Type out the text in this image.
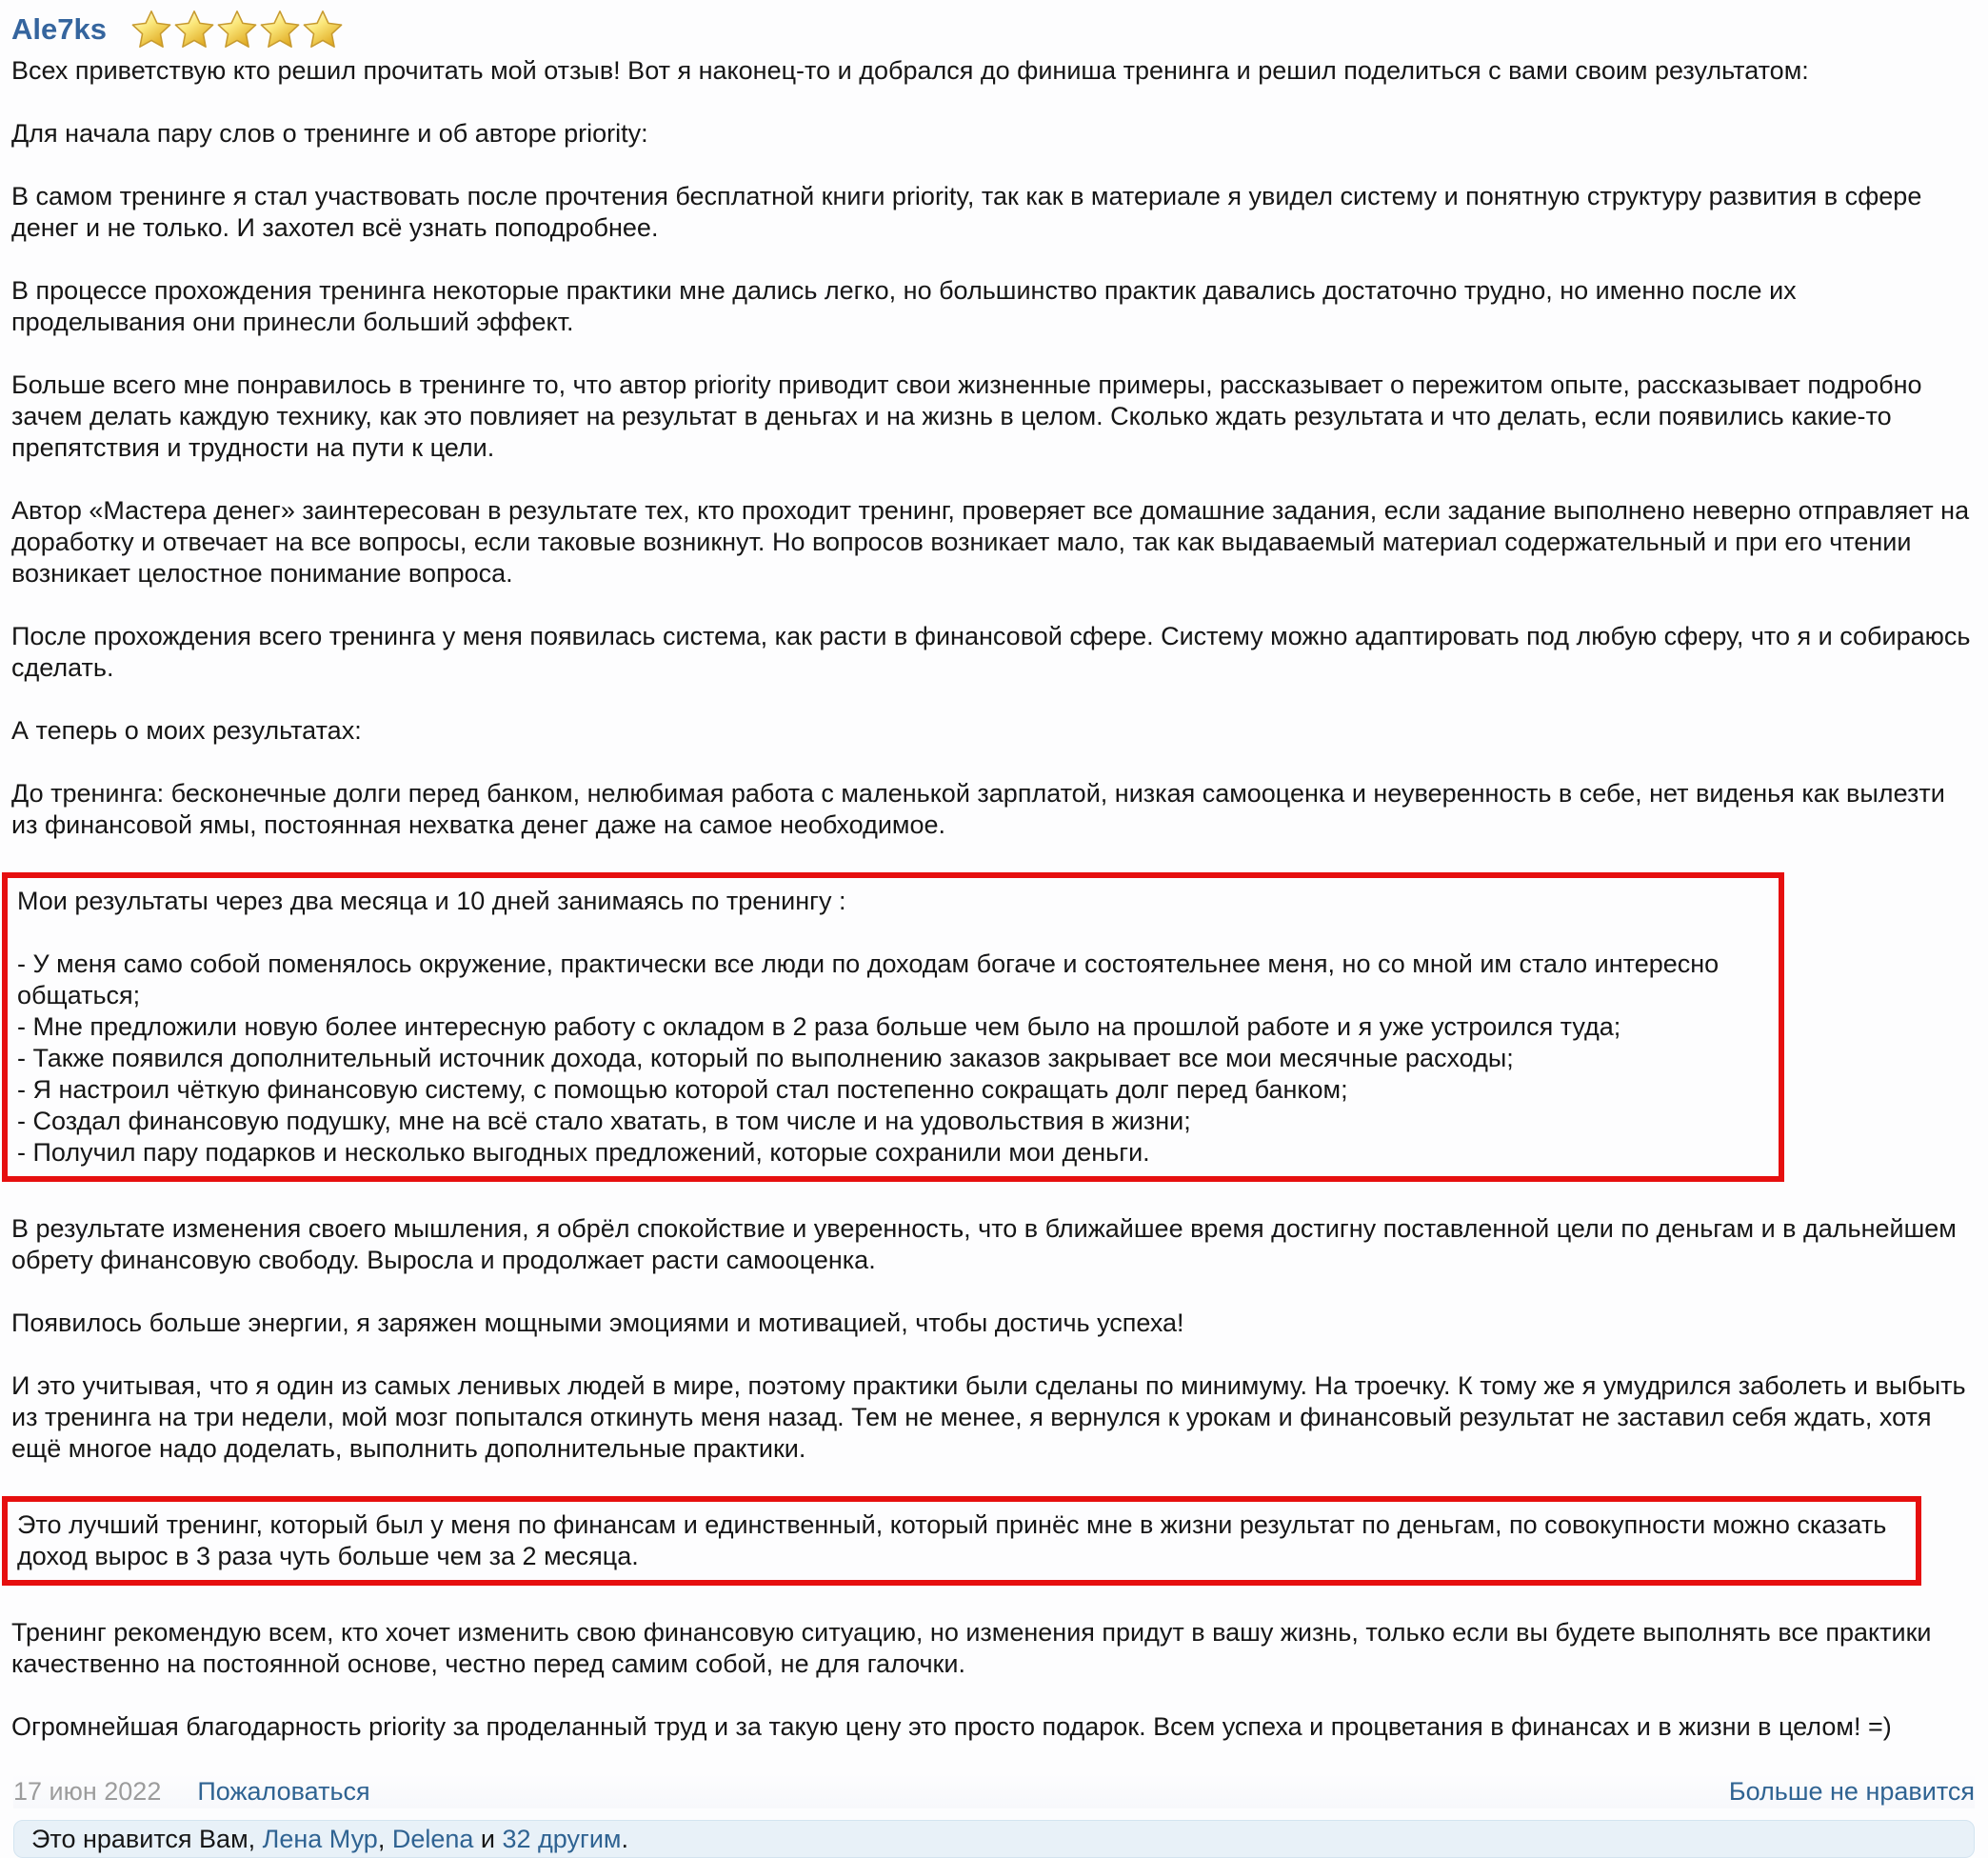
Ale7ks
Всех приветствую кто решил прочитать мой отзыв! Вот я наконец-то и добрался до финиша тренинга и решил поделиться с вами своим результатом:
Для начала пару слов о тренинге и об авторе priority:
В самом тренинге я стал участвовать после прочтения бесплатной книги priority, так как в материале я увидел систему и понятную структуру развития в сфере денег и не только. И захотел всё узнать поподробнее.
В процессе прохождения тренинга некоторые практики мне дались легко, но большинство практик давались достаточно трудно, но именно после их проделывания они принесли больший эффект.
Больше всего мне понравилось в тренинге то, что автор priority приводит свои жизненные примеры, рассказывает о пережитом опыте, рассказывает подробно зачем делать каждую технику, как это повлияет на результат в деньгах и на жизнь в целом. Сколько ждать результата и что делать, если появились какие-то препятствия и трудности на пути к цели.
Автор «Мастера денег» заинтересован в результате тех, кто проходит тренинг, проверяет все домашние задания, если задание выполнено неверно отправляет на доработку и отвечает на все вопросы, если таковые возникнут. Но вопросов возникает мало, так как выдаваемый материал содержательный и при его чтении возникает целостное понимание вопроса.
После прохождения всего тренинга у меня появилась система, как расти в финансовой сфере. Систему можно адаптировать под любую сферу, что я и собираюсь сделать.
А теперь о моих результатах:
До тренинга: бесконечные долги перед банком, нелюбимая работа с маленькой зарплатой, низкая самооценка и неуверенность в себе, нет виденья как вылезти из финансовой ямы, постоянная нехватка денег даже на самое необходимое.
Мои результаты через два месяца и 10 дней занимаясь по тренингу :
- У меня само собой поменялось окружение, практически все люди по доходам богаче и состоятельнее меня, но со мной им стало интересно общаться;
- Мне предложили новую более интересную работу с окладом в 2 раза больше чем было на прошлой работе и я уже устроился туда;
- Также появился дополнительный источник дохода, который по выполнению заказов закрывает все мои месячные расходы;
- Я настроил чёткую финансовую систему, с помощью которой стал постепенно сокращать долг перед банком;
- Создал финансовую подушку, мне на всё стало хватать, в том числе и на удовольствия в жизни;
- Получил пару подарков и несколько выгодных предложений, которые сохранили мои деньги.
В результате изменения своего мышления, я обрёл спокойствие и уверенность, что в ближайшее время достигну поставленной цели по деньгам и в дальнейшем обрету финансовую свободу. Выросла и продолжает расти самооценка.
Появилось больше энергии, я заряжен мощными эмоциями и мотивацией, чтобы достичь успеха!
И это учитывая, что я один из самых ленивых людей в мире, поэтому практики были сделаны по минимуму. На троечку. К тому же я умудрился заболеть и выбыть из тренинга на три недели, мой мозг попытался откинуть меня назад. Тем не менее, я вернулся к урокам и финансовый результат не заставил себя ждать, хотя ещё многое надо доделать, выполнить дополнительные практики.
Это лучший тренинг, который был у меня по финансам и единственный, который принёс мне в жизни результат по деньгам, по совокупности можно сказать доход вырос в 3 раза чуть больше чем за 2 месяца.
Тренинг рекомендую всем, кто хочет изменить свою финансовую ситуацию, но изменения придут в вашу жизнь, только если вы будете выполнять все практики качественно на постоянной основе, честно перед самим собой, не для галочки.
Огромнейшая благодарность priority за проделанный труд и за такую цену это просто подарок. Всем успеха и процветания в финансах и в жизни в целом! =)
17 июн 2022 Пожаловаться	Больше не нравится
Это нравится Вам, Лена Мур , Delena и 32 другим .
